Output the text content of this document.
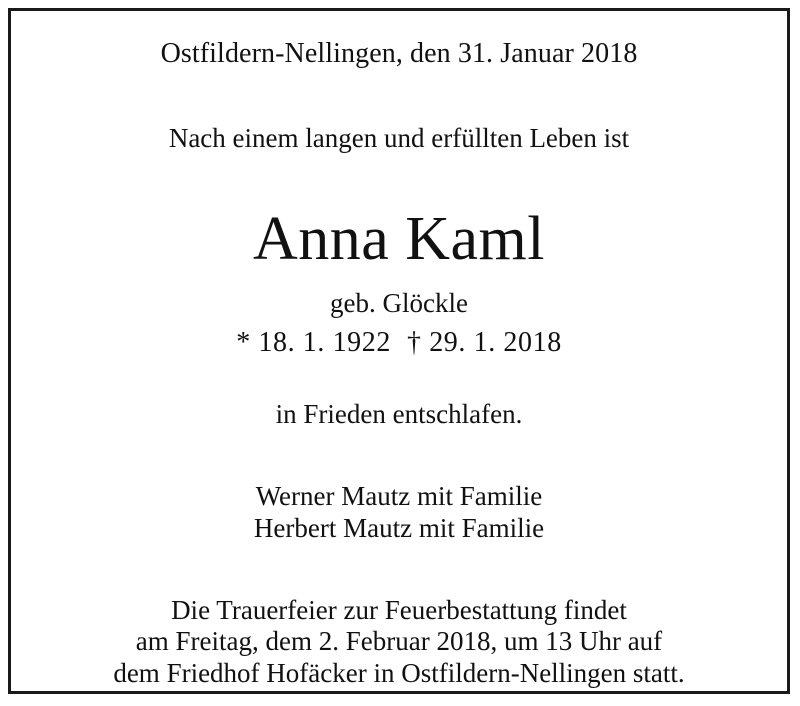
Ostfildern-Nellingen, den 31. Januar 2018
Nach einem langen und erfüllten Leben ist
Anna Kaml
geb. Glöckle
* 18. 1. 1922 † 29. 1. 2018
in Frieden entschlafen.
Werner Mautz mit Familie
Herbert Mautz mit Familie
Die Trauerfeier zur Feuerbestattung findet
am Freitag, dem 2. Februar 2018, um 13 Uhr auf
dem Friedhof Hofäcker in Ostfildern-Nellingen statt.
